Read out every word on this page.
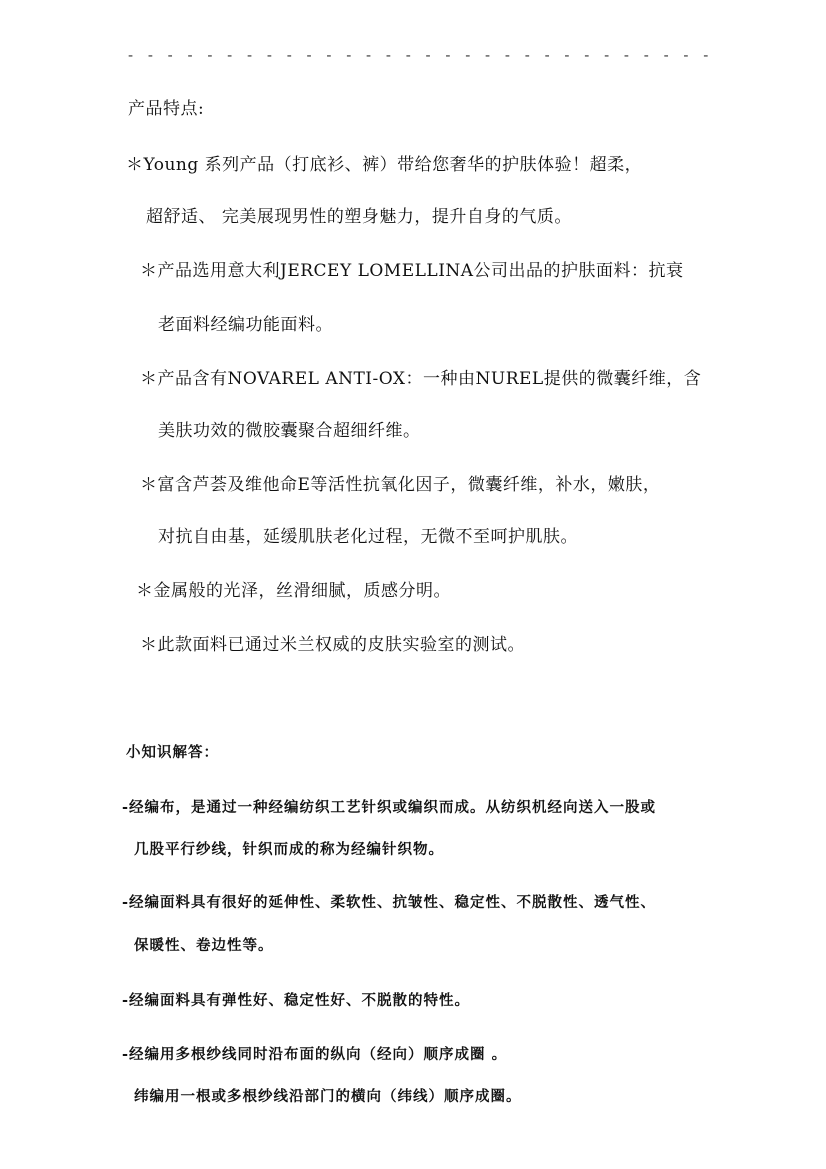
- - - - - - - - - - - - - - - - - - - - - - - - - - - - - -
产品特点:
＊Young 系列产品（打底衫、裤）带给您奢华的护肤体验！超柔，
超舒适、 完美展现男性的塑身魅力，提升自身的气质。
＊产品选用意大利JERCEY LOMELLINA公司出品的护肤面料：抗衰
老面料经编功能面料。
＊产品含有NOVAREL ANTI-OX：一种由NUREL提供的微囊纤维，含
美肤功效的微胶囊聚合超细纤维。
＊富含芦荟及维他命E等活性抗氧化因子，微囊纤维，补水，嫩肤，
对抗自由基，延缓肌肤老化过程，无微不至呵护肌肤。
＊金属般的光泽，丝滑细腻，质感分明。
＊此款面料已通过米兰权威的皮肤实验室的测试。
小知识解答：
-经编布，是通过一种经编纺织工艺针织或编织而成。从纺织机经向送入一股或
几股平行纱线，针织而成的称为经编针织物。
-经编面料具有很好的延伸性、柔软性、抗皱性、稳定性、不脱散性、透气性、
保暖性、卷边性等。
-经编面料具有弹性好、稳定性好、不脱散的特性。
-经编用多根纱线同时沿布面的纵向（经向）顺序成圈 。
纬编用一根或多根纱线沿部门的横向（纬线）顺序成圈。
